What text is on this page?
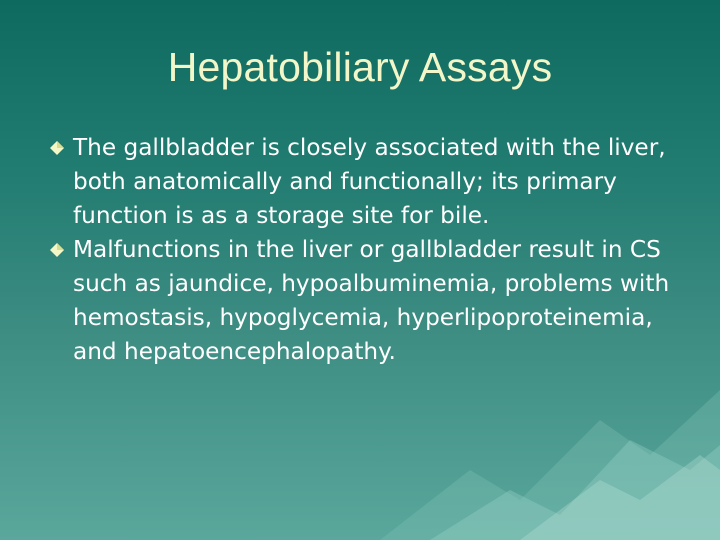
Hepatobiliary Assays
The gallbladder is closely associated with the liver, both anatomically and functionally; its primary function is as a storage site for bile.
Malfunctions in the liver or gallbladder result in CS such as jaundice, hypoalbuminemia, problems with hemostasis, hypoglycemia, hyperlipoproteinemia, and hepatoencephalopathy.
